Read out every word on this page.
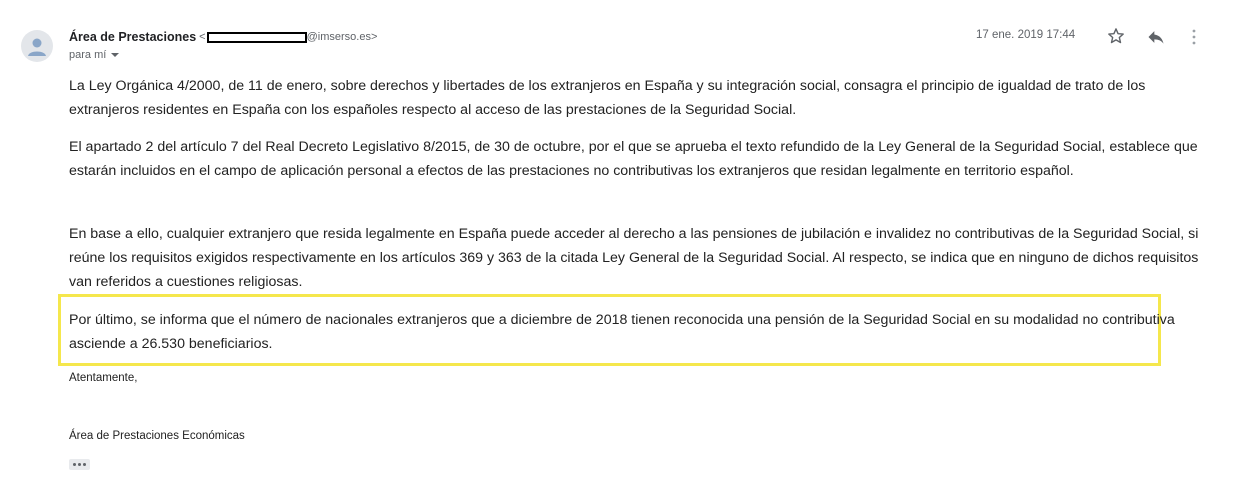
Área de Prestaciones <	@imserso.es>
para mí
17 ene. 2019 17:44

La Ley Orgánica 4/2000, de 11 de enero, sobre derechos y libertades de los extranjeros en España y su integración social, consagra el principio de igualdad de trato de los extranjeros residentes en España con los españoles respecto al acceso de las prestaciones de la Seguridad Social.

El apartado 2 del artículo 7 del Real Decreto Legislativo 8/2015, de 30 de octubre, por el que se aprueba el texto refundido de la Ley General de la Seguridad Social, establece que estarán incluidos en el campo de aplicación personal a efectos de las prestaciones no contributivas los extranjeros que residan legalmente en territorio español.

En base a ello, cualquier extranjero que resida legalmente en España puede acceder al derecho a las pensiones de jubilación e invalidez no contributivas de la Seguridad Social, si reúne los requisitos exigidos respectivamente en los artículos 369 y 363 de la citada Ley General de la Seguridad Social. Al respecto, se indica que en ninguno de dichos requisitos van referidos a cuestiones religiosas.

Por último, se informa que el número de nacionales extranjeros que a diciembre de 2018 tienen reconocida una pensión de la Seguridad Social en su modalidad no contributiva asciende a 26.530 beneficiarios.

Atentamente,
Área de Prestaciones Económicas
